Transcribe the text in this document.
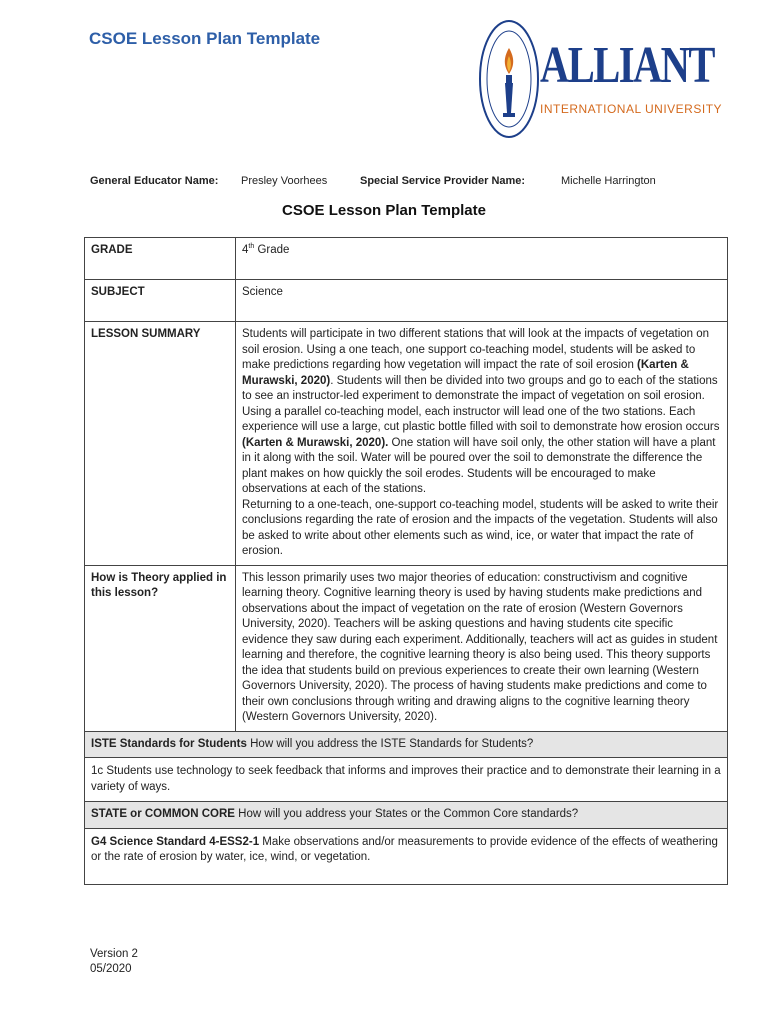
CSOE Lesson Plan Template	ALLIANT
INTERNATIONAL UNIVERSITY
General Educator Name: Presley Voorhees	Special Service Provider Name:	Michelle Harrington
CSOE Lesson Plan Template
GRADE	4th Grade
SUBJECT	Science
LESSON SUMMARY	Students will participate in two different stations that will look at the impacts of vegetation on soil erosion. Using a one teach, one support co-teaching model, students will be asked to make predictions regarding how vegetation will impact the rate of soil erosion (Karten & Murawski, 2020). Students will then be divided into two groups and go to each of the stations to see an instructor-led experiment to demonstrate the impact of vegetation on soil erosion. Using a parallel co-teaching model, each instructor will lead one of the two stations. Each experience will use a large, cut plastic bottle filled with soil to demonstrate how erosion occurs (Karten & Murawski, 2020). One station will have soil only, the other station will have a plant in it along with the soil. Water will be poured over the soil to demonstrate the difference the plant makes on how quickly the soil erodes. Students will be encouraged to make observations at each of the stations.
Returning to a one-teach, one-support co-teaching model, students will be asked to write their conclusions regarding the rate of erosion and the impacts of the vegetation. Students will also be asked to write about other elements such as wind, ice, or water that impact the rate of erosion.

How is Theory applied in this lesson?	This lesson primarily uses two major theories of education: constructivism and cognitive learning theory. Cognitive learning theory is used by having students make predictions and observations about the impact of vegetation on the rate of erosion (Western Governors University, 2020). Teachers will be asking questions and having students cite specific evidence they saw during each experiment. Additionally, teachers will act as guides in student learning and therefore, the cognitive learning theory is also being used. This theory supports the idea that students build on previous experiences to create their own learning (Western Governors University, 2020). The process of having students make predictions and come to their own conclusions through writing and drawing aligns to the cognitive learning theory (Western Governors University, 2020).
ISTE Standards for Students How will you address the ISTE Standards for Students?	
1c Students use technology to seek feedback that informs and improves their practice and to demonstrate their learning in a variety of ways.	
STATE or COMMON CORE How will you address your States or the Common Core standards?	
G4 Science Standard 4-ESS2-1 Make observations and/or measurements to provide evidence of the effects of weathering or the rate of erosion by water, ice, wind, or vegetation.	
Version 2
05/2020
